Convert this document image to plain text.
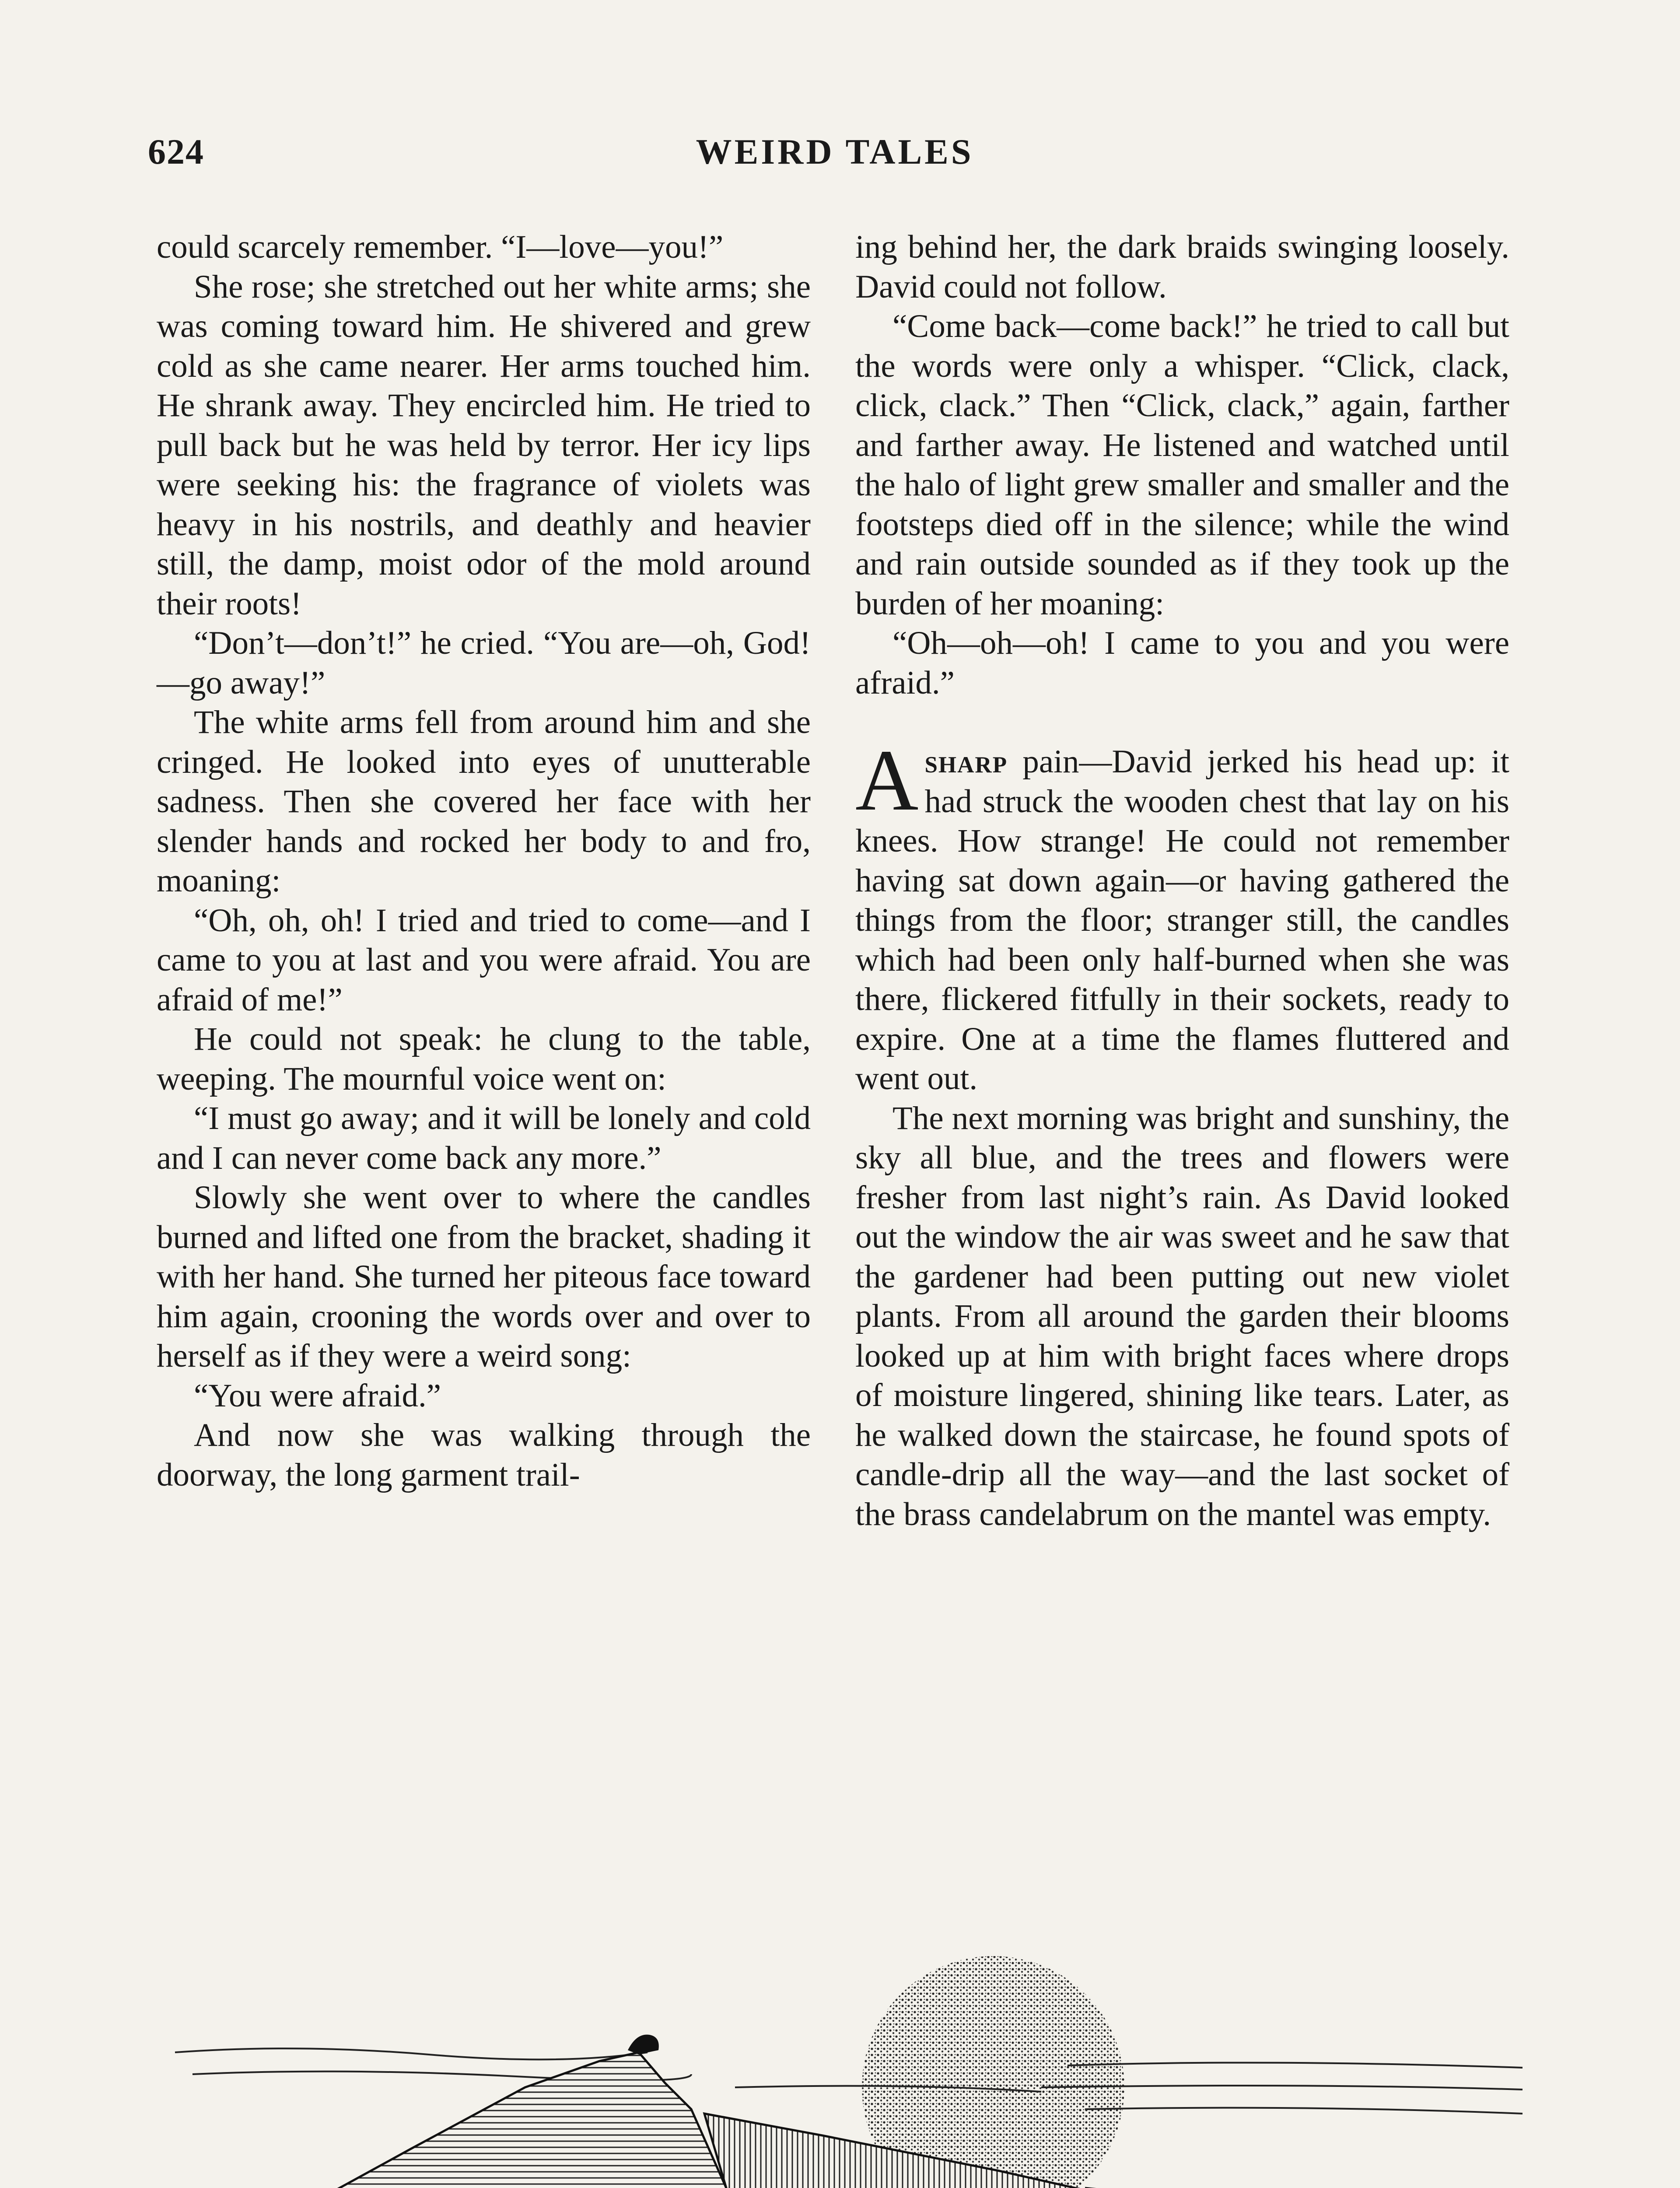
624	WEIRD TALES

could scarcely remember. “I—love—you!”

She rose; she stretched out her white arms; she was coming toward him. He shivered and grew cold as she came nearer. Her arms touched him. He shrank away. They encircled him. He tried to pull back but he was held by terror. Her icy lips were seeking his: the fragrance of violets was heavy in his nostrils, and deathly and heavier still, the damp, moist odor of the mold around their roots!

“Don’t—don’t!” he cried. “You are—oh, God!—go away!”

The white arms fell from around him and she cringed. He looked into eyes of unutterable sadness. Then she covered her face with her slender hands and rocked her body to and fro, moaning:

“Oh, oh, oh! I tried and tried to come—and I came to you at last and you were afraid. You are afraid of me!”

He could not speak: he clung to the table, weeping. The mournful voice went on:

“I must go away; and it will be lonely and cold and I can never come back any more.”

Slowly she went over to where the candles burned and lifted one from the bracket, shading it with her hand. She turned her piteous face toward him again, crooning the words over and over to herself as if they were a weird song:

“You were afraid.”

And now she was walking through the doorway, the long garment trail-

ing behind her, the dark braids swinging loosely. David could not follow.

“Come back—come back!” he tried to call but the words were only a whisper. “Click, clack, click, clack.” Then “Click, clack,” again, farther and farther away. He listened and watched until the halo of light grew smaller and smaller and the footsteps died off in the silence; while the wind and rain outside sounded as if they took up the burden of her moaning:

“Oh—oh—oh! I came to you and you were afraid.”

Asharp pain—David jerked his head up: it had struck the wooden chest that lay on his knees. How strange! He could not remember having sat down again—or having gathered the things from the floor; stranger still, the candles which had been only half-burned when she was there, flickered fitfully in their sockets, ready to expire. One at a time the flames fluttered and went out.

The next morning was bright and sunshiny, the sky all blue, and the trees and flowers were fresher from last night’s rain. As David looked out the window the air was sweet and he saw that the gardener had been putting out new violet plants. From all around the garden their blooms looked up at him with bright faces where drops of moisture lingered, shining like tears. Later, as he walked down the staircase, he found spots of candle-drip all the way—and the last socket of the brass candelabrum on the mantel was empty.
